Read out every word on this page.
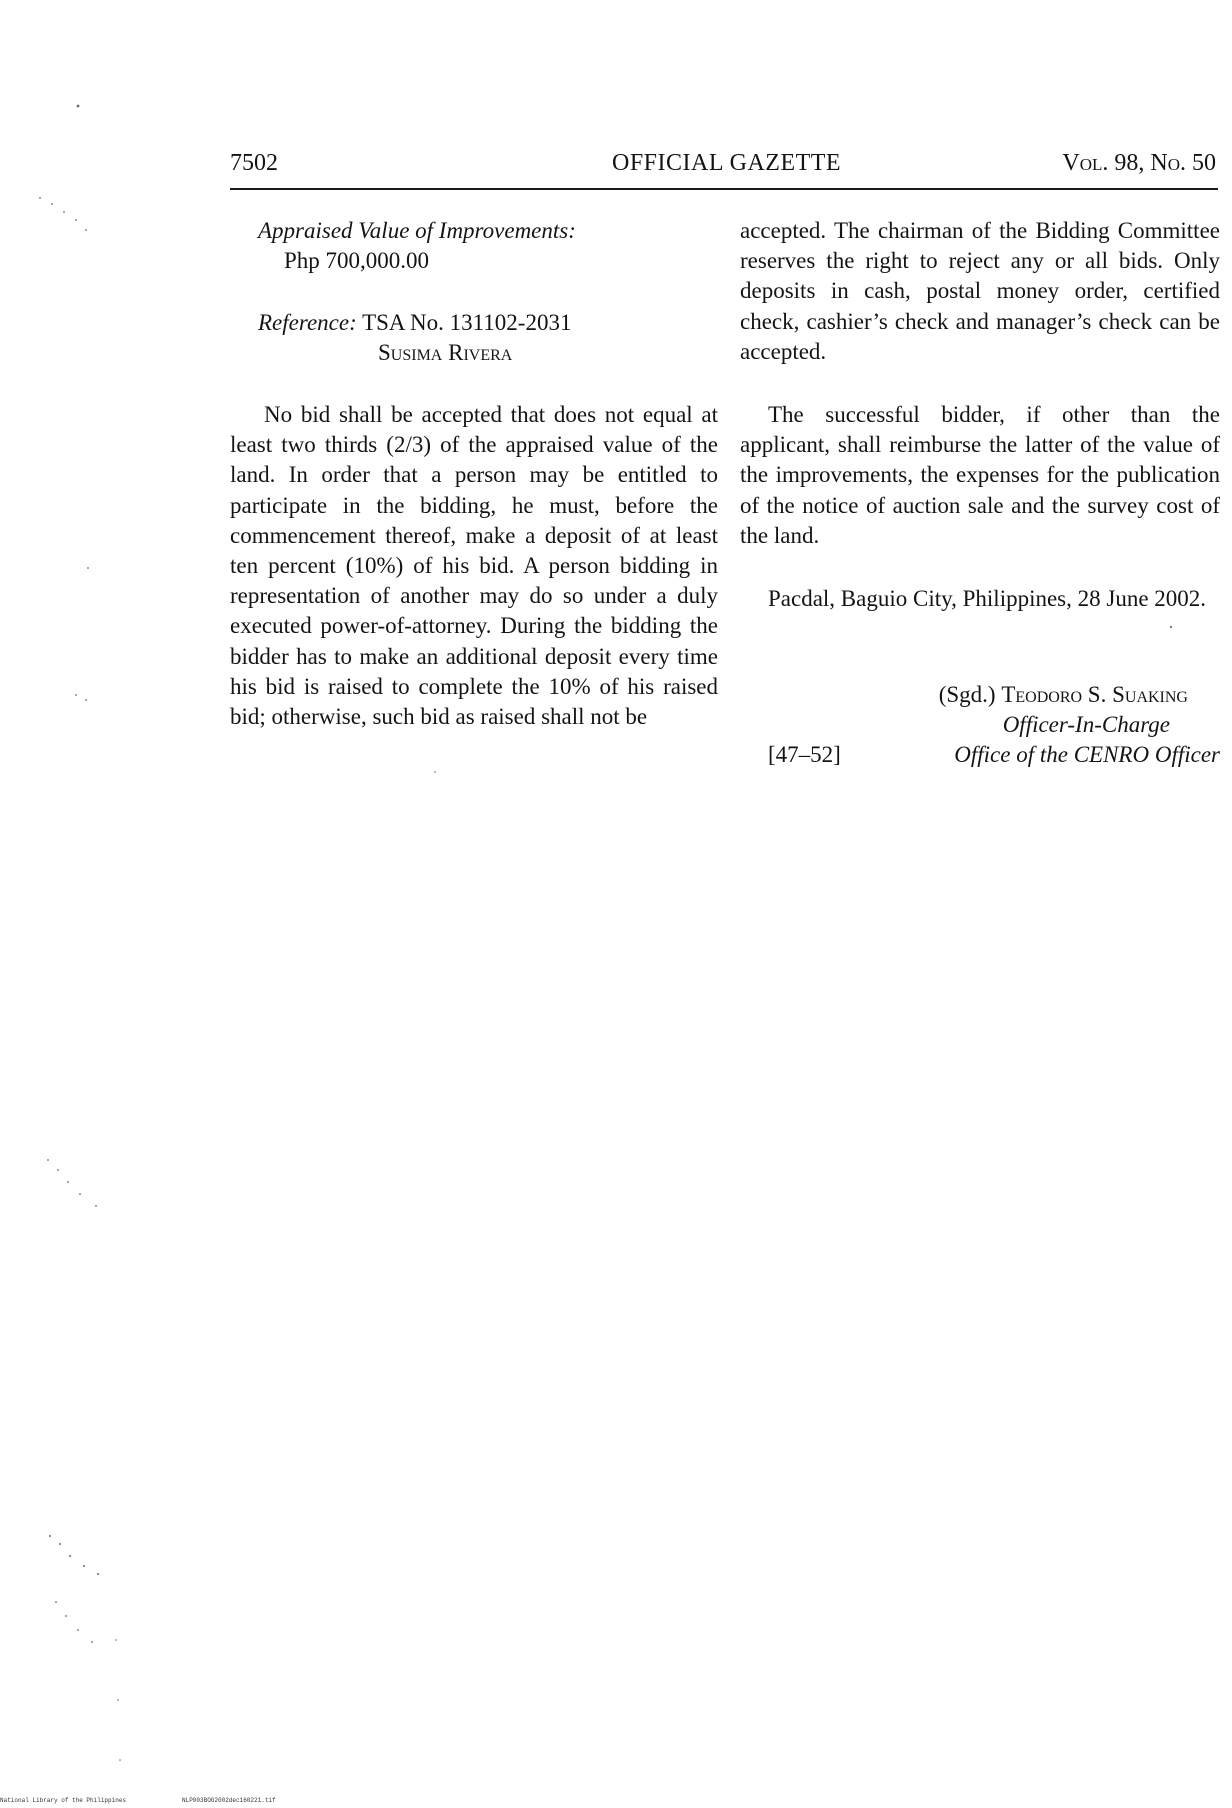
7502	OFFICIAL GAZETTE	Vol. 98, No. 50
Appraised Value of Improvements:
Php 700,000.00
Reference: TSA No. 131102-2031
Susima Rivera

No bid shall be accepted that does not equal at least two thirds (2/3) of the appraised value of the land. In order that a person may be entitled to participate in the bidding, he must, before the commencement thereof, make a deposit of at least ten percent (10%) of his bid. A person bidding in representation of another may do so under a duly executed power-of-attorney. During the bidding the bidder has to make an additional deposit every time his bid is raised to complete the 10% of his raised bid; otherwise, such bid as raised shall not be

accepted. The chairman of the Bidding Committee reserves the right to reject any or all bids. Only deposits in cash, postal money order, certified check, cashier’s check and manager’s check can be accepted.

The successful bidder, if other than the applicant, shall reimburse the latter of the value of the improvements, the expenses for the publication of the notice of auction sale and the survey cost of the land.

Pacdal, Baguio City, Philippines, 28 June 2002.

(Sgd.) Teodoro S. Suaking
Officer-In-Charge
[47–52]	Office of the CENRO Officer
National Library of the Philippines	NLP003BOG2002dec160221.tif
